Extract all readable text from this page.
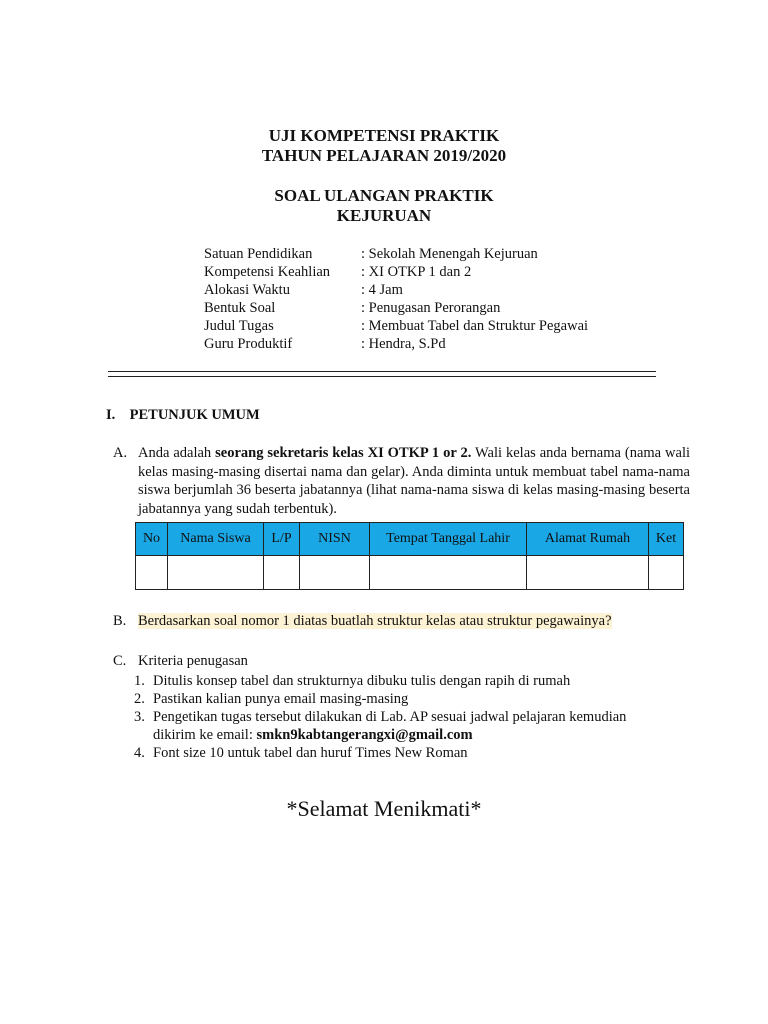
UJI KOMPETENSI PRAKTIK
TAHUN PELAJARAN 2019/2020
SOAL ULANGAN PRAKTIK
KEJURUAN
Satuan Pendidikan	: Sekolah Menengah Kejuruan
Kompetensi Keahlian	: XI OTKP 1 dan 2
Alokasi Waktu	: 4 Jam
Bentuk Soal	: Penugasan Perorangan
Judul Tugas	: Membuat Tabel dan Struktur Pegawai
Guru Produktif	: Hendra, S.Pd
I. PETUNJUK UMUM
A. Anda adalah seorang sekretaris kelas XI OTKP 1 or 2. Wali kelas anda bernama (nama wali kelas masing-masing disertai nama dan gelar). Anda diminta untuk membuat tabel nama-nama siswa berjumlah 36 beserta jabatannya (lihat nama-nama siswa di kelas masing-masing beserta jabatannya yang sudah terbentuk).
No	Nama Siswa	L/P	NISN	Tempat Tanggal Lahir	Alamat Rumah	Ket

B. Berdasarkan soal nomor 1 diatas buatlah struktur kelas atau struktur pegawainya?
C. Kriteria penugasan
1. Ditulis konsep tabel dan strukturnya dibuku tulis dengan rapih di rumah
2. Pastikan kalian punya email masing-masing
3. Pengetikan tugas tersebut dilakukan di Lab. AP sesuai jadwal pelajaran kemudian dikirim ke email: smkn9kabtangerangxi@gmail.com
4. Font size 10 untuk tabel dan huruf Times New Roman
*Selamat Menikmati*
